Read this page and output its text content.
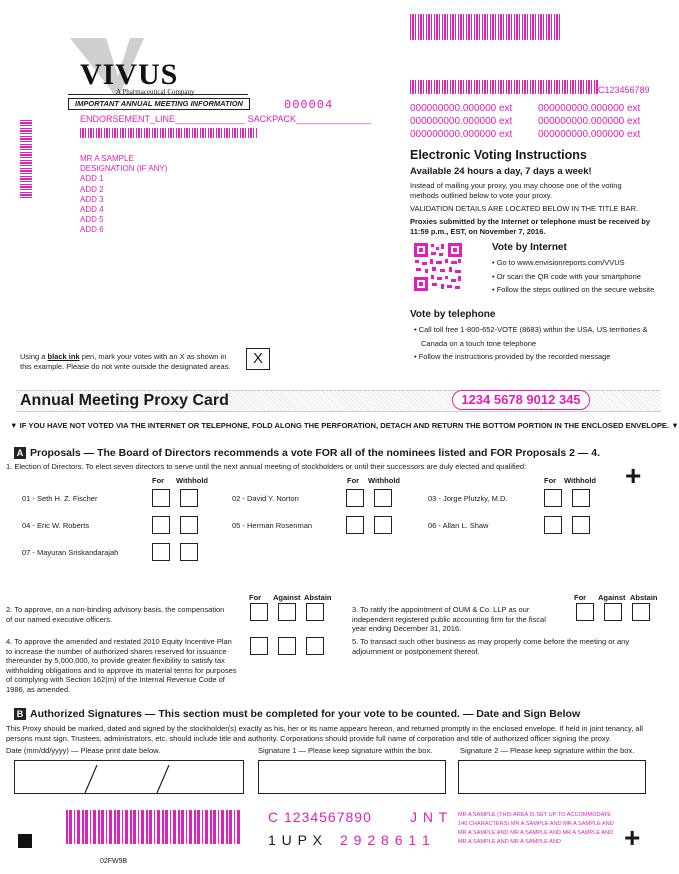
C123456789
VIVUS
A Pharmaceutical Company
IMPORTANT ANNUAL MEETING INFORMATION	000004
ENDORSEMENT_LINE______________ SACKPACK_______________
MR A SAMPLE
DESIGNATION (IF ANY)
ADD 1
ADD 2
ADD 3
ADD 4
ADD 5
ADD 6
000000000.000000 ext
000000000.000000 ext
000000000.000000 ext
000000000.000000 ext
000000000.000000 ext
000000000.000000 ext
Electronic Voting Instructions
Available 24 hours a day, 7 days a week!
Instead of mailing your proxy, you may choose one of the voting methods outlined below to vote your proxy.
VALIDATION DETAILS ARE LOCATED BELOW IN THE TITLE BAR.
Proxies submitted by the Internet or telephone must be received by 11:59 p.m., EST, on November 7, 2016.
Vote by Internet
• Go to www.envisionreports.com/VVUS
• Or scan the QR code with your smartphone
• Follow the steps outlined on the secure website
Vote by telephone
• Call toll free 1-800-652-VOTE (8683) within the USA, US territories &
Canada on a touch tone telephone
• Follow the instructions provided by the recorded message
Using a black ink pen, mark your votes with an X as shown in this example. Please do not write outside the designated areas.	X
Annual Meeting Proxy Card	1234 5678 9012 345
▼ IF YOU HAVE NOT VOTED VIA THE INTERNET OR TELEPHONE, FOLD ALONG THE PERFORATION, DETACH AND RETURN THE BOTTOM PORTION IN THE ENCLOSED ENVELOPE. ▼
A Proposals — The Board of Directors recommends a vote FOR all of the nominees listed and FOR Proposals 2 — 4.
1. Election of Directors. To elect seven directors to serve until the next annual meeting of stockholders or until their successors are duly elected and qualified:	+
For Withhold	For Withhold	For Withhold
01 - Seth H. Z. Fischer	02 - David Y. Norton	03 - Jorge Plutzky, M.D.
04 - Eric W. Roberts	05 - Herman Rosenman	06 - Allan L. Shaw
07 - Mayuran Sriskandarajah
For Against Abstain	For Against Abstain
2. To approve, on a non-binding advisory basis, the compensation of our named executive officers.
3. To ratify the appointment of OUM & Co. LLP as our independent registered public accounting firm for the fiscal year ending December 31, 2016.
4. To approve the amended and restated 2010 Equity Incentive Plan to increase the number of authorized shares reserved for issuance thereunder by 5,000,000, to provide greater flexibility to satisfy tax withholding obligations and to approve its material terms for purposes of complying with Section 162(m) of the Internal Revenue Code of 1986, as amended.
5. To transact such other business as may properly come before the meeting or any adjournment or postponement thereof.
B Authorized Signatures — This section must be completed for your vote to be counted. — Date and Sign Below
This Proxy should be marked, dated and signed by the stockholder(s) exactly as his, her or its name appears hereon, and returned promptly in the enclosed envelope. If held in joint tenancy, all persons must sign. Trustees, administrators, etc. should include title and authority. Corporations should provide full name of corporation and title of authorized officer signing the proxy.
Date (mm/dd/yyyy) — Please print date below.	Signature 1 — Please keep signature within the box.	Signature 2 — Please keep signature within the box.
C 1234567890	J N T
1 U P X 2 9 2 8 6 1 1
MR A SAMPLE (THIS AREA IS SET UP TO ACCOMMODATE 140 CHARACTERS) MR A SAMPLE AND MR A SAMPLE AND MR A SAMPLE AND MR A SAMPLE AND MR A SAMPLE AND MR A SAMPLE AND MR A SAMPLE AND	+
02FW9B
